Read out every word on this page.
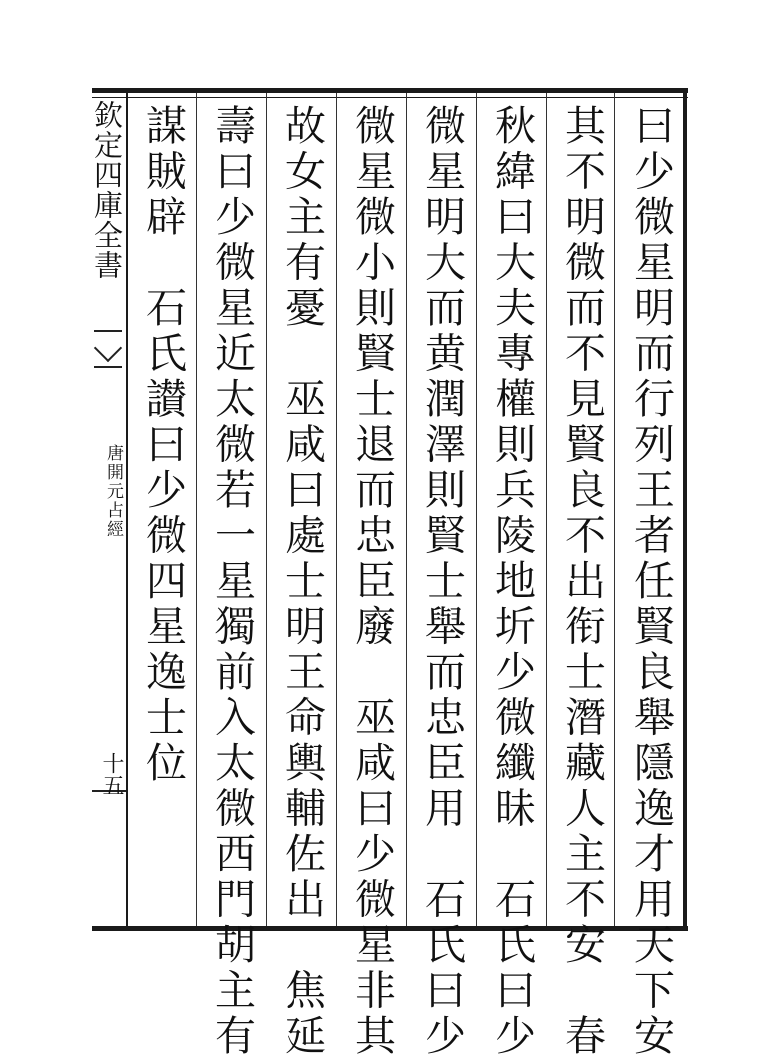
欽定四庫全書
唐開元占經
十五	曰少微星明而行列王者任賢良舉隱逸才用天下安
其不明微而不見賢良不出衔士潛藏人主不安　春
秋緯曰大夫專權則兵陵地圻少微纖昧　石氏曰少
微星明大而黄潤澤則賢士舉而忠臣用　石氏曰少
微星微小則賢士退而忠臣廢　巫咸曰少微星非其
故女主有憂　巫咸曰處士明王命輿輔佐出　焦延
壽曰少微星近太微若一星獨前入太微西門胡主有
謀賊辟　石氏讃曰少微四星逸士位
